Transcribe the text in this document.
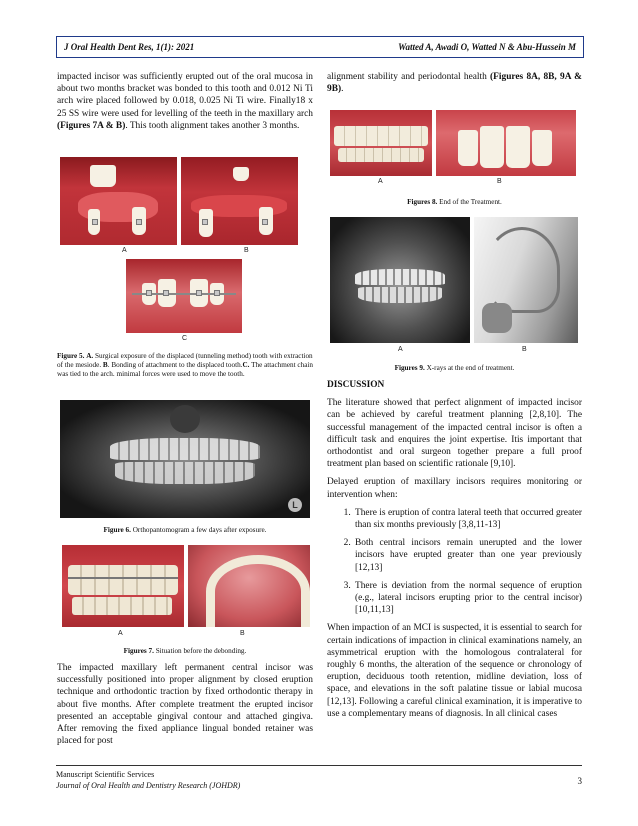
J Oral Health Dent Res, 1(1): 2021	Watted A, Awadi O, Watted N & Abu-Hussein M

impacted incisor was sufficiently erupted out of the oral mucosa in about two months bracket was bonded to this tooth and 0.012 Ni Ti arch wire placed followed by 0.018, 0.025 Ni Ti wire. Finally18 x 25 SS wire were used for levelling of the teeth in the maxillary arch (Figures 7A & B). This tooth alignment takes another 3 months.

A	B
C
Figure 5. A. Surgical exposure of the displaced (tunneling method) tooth with extraction of the mesiode. B. Bonding of attachment to the displaced tooth.C. The attachment chain was tied to the arch. minimal forces were used to move the tooth.
L
Figure 6. Orthopantomogram a few days after exposure.
A	B
Figures 7. Situation before the debonding.

The impacted maxillary left permanent central incisor was successfully positioned into proper alignment by closed eruption technique and orthodontic traction by fixed orthodontic therapy in about five months. After complete treatment the erupted incisor presented an acceptable gingival contour and attached gingiva. After removing the fixed appliance lingual bonded retainer was placed for post

alignment stability and periodontal health (Figures 8A, 8B, 9A & 9B).

A	B
Figures 8. End of the Treatment.
A	B
Figures 9. X-rays at the end of treatment.
DISCUSSION

The literature showed that perfect alignment of impacted incisor can be achieved by careful treatment planning [2,8,10]. The successful management of the impacted central incisor is often a difficult task and enquires the joint expertise. Itis important that orthodontist and oral surgeon together prepare a full proof treatment plan based on scientific rationale [9,10].

Delayed eruption of maxillary incisors requires monitoring or intervention when:

1. There is eruption of contra lateral teeth that occurred greater than six months previously [3,8,11-13]
2. Both central incisors remain unerupted and the lower incisors have erupted greater than one year previously [12,13]
3. There is deviation from the normal sequence of eruption (e.g., lateral incisors erupting prior to the central incisor) [10,11,13]

When impaction of an MCI is suspected, it is essential to search for certain indications of impaction in clinical examinations namely, an asymmetrical eruption with the homologous contralateral for roughly 6 months, the alteration of the sequence or chronology of eruption, deciduous tooth retention, midline deviation, loss of space, and elevations in the soft palatine tissue or labial mucosa [12,13]. Following a careful clinical examination, it is imperative to use a complementary means of diagnosis. In all clinical cases

Manuscript Scientific Services
Journal of Oral Health and Dentistry Research (JOHDR)	3
